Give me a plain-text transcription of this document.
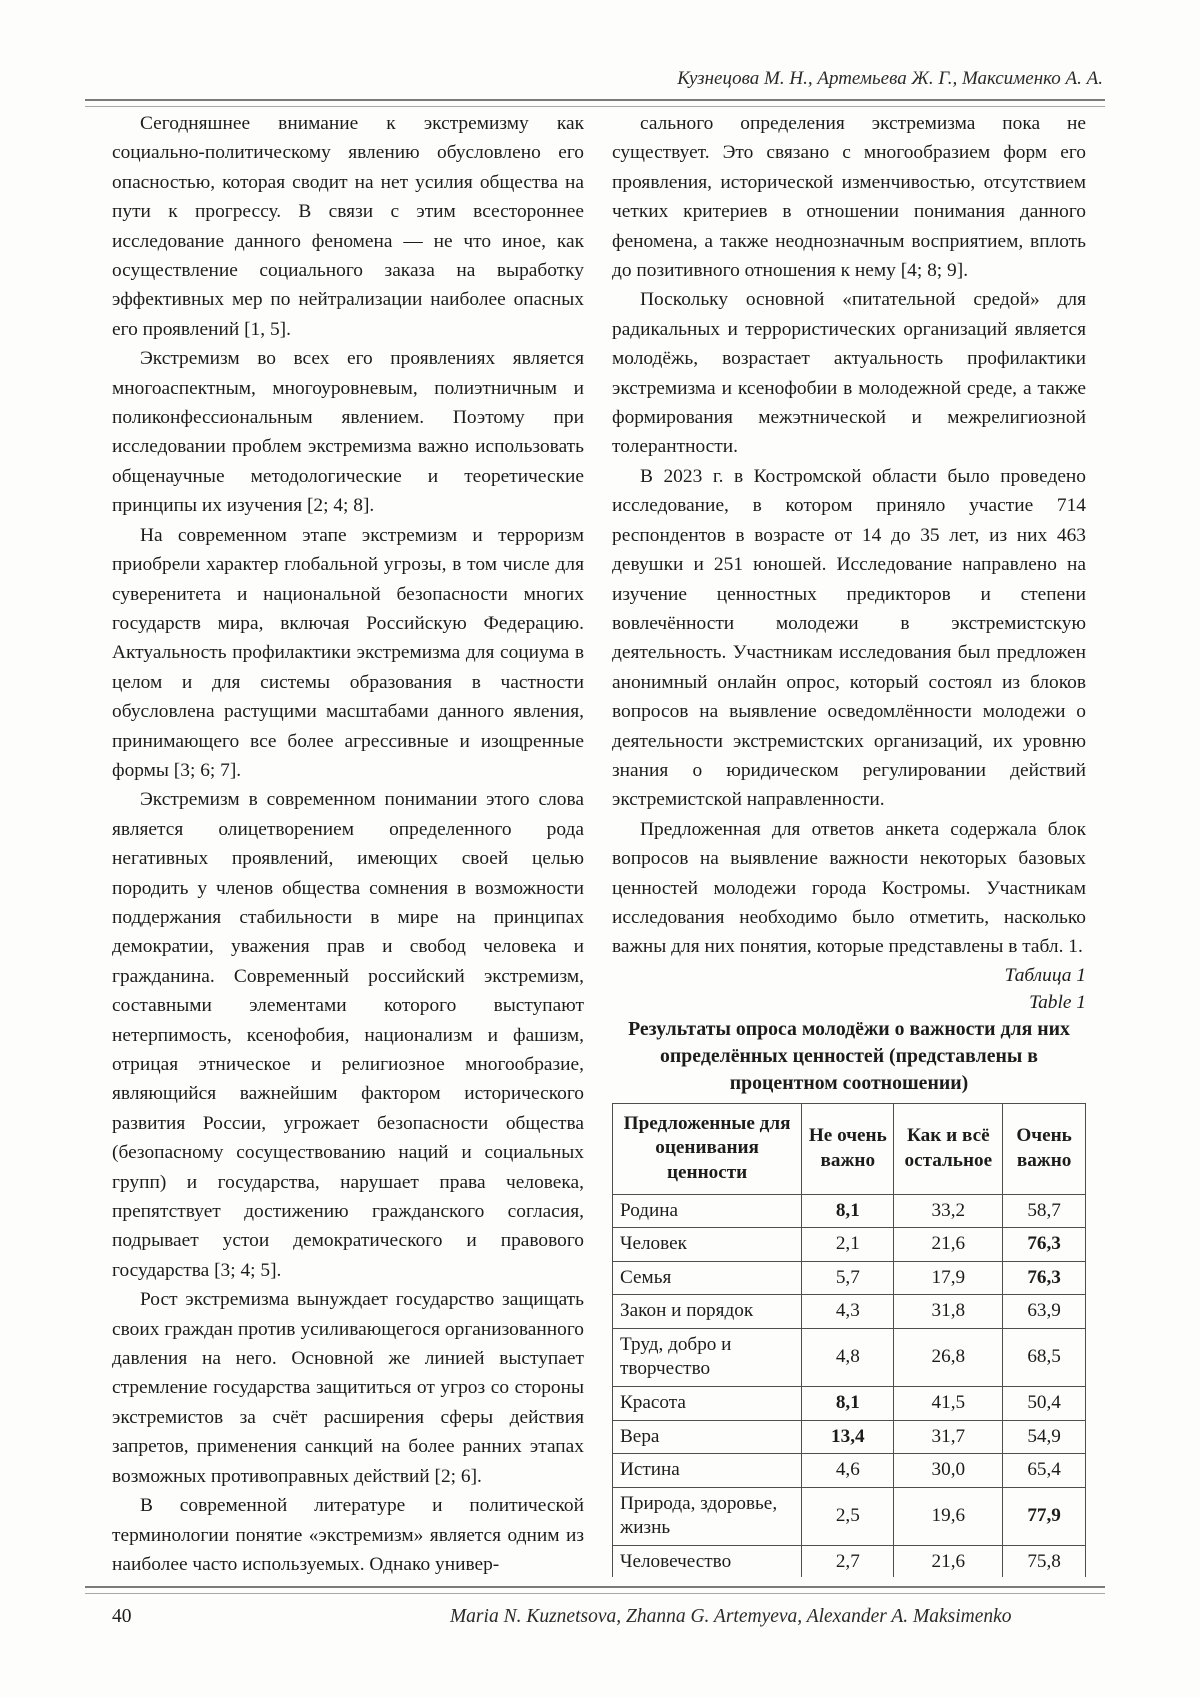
Кузнецова М. Н., Артемьева Ж. Г., Максименко А. А.

Сегодняшнее внимание к экстремизму как социально-политическому явлению обусловлено его опасностью, которая сводит на нет усилия общества на пути к прогрессу. В связи с этим всестороннее исследование данного феномена — не что иное, как осуществление социального заказа на выработку эффективных мер по нейтрализации наиболее опасных его проявлений [1, 5].

Экстремизм во всех его проявлениях является многоаспектным, многоуровневым, полиэтничным и поликонфессиональным явлением. Поэтому при исследовании проблем экстремизма важно использовать общенаучные методологические и теоретические принципы их изучения [2; 4; 8].

На современном этапе экстремизм и терроризм приобрели характер глобальной угрозы, в том числе для суверенитета и национальной безопасности многих государств мира, включая Российскую Федерацию. Актуальность профилактики экстремизма для социума в целом и для системы образования в частности обусловлена растущими масштабами данного явления, принимающего все более агрессивные и изощренные формы [3; 6; 7].

Экстремизм в современном понимании этого слова является олицетворением определенного рода негативных проявлений, имеющих своей целью породить у членов общества сомнения в возможности поддержания стабильности в мире на принципах демократии, уважения прав и свобод человека и гражданина. Современный российский экстремизм, составными элементами которого выступают нетерпимость, ксенофобия, национализм и фашизм, отрицая этническое и религиозное многообразие, являющийся важнейшим фактором исторического развития России, угрожает безопасности общества (безопасному сосуществованию наций и социальных групп) и государства, нарушает права человека, препятствует достижению гражданского согласия, подрывает устои демократического и правового государства [3; 4; 5].

Рост экстремизма вынуждает государство защищать своих граждан против усиливающегося организованного давления на него. Основной же линией выступает стремление государства защититься от угроз со стороны экстремистов за счёт расширения сферы действия запретов, применения санкций на более ранних этапах возможных противоправных действий [2; 6].

В современной литературе и политической терминологии понятие «экстремизм» является одним из наиболее часто используемых. Однако универ-

сального определения экстремизма пока не существует. Это связано с многообразием форм его проявления, исторической изменчивостью, отсутствием четких критериев в отношении понимания данного феномена, а также неоднозначным восприятием, вплоть до позитивного отношения к нему [4; 8; 9].

Поскольку основной «питательной средой» для радикальных и террористических организаций является молодёжь, возрастает актуальность профилактики экстремизма и ксенофобии в молодежной среде, а также формирования межэтнической и межрелигиозной толерантности.

В 2023 г. в Костромской области было проведено исследование, в котором приняло участие 714 респондентов в возрасте от 14 до 35 лет, из них 463 девушки и 251 юношей. Исследование направлено на изучение ценностных предикторов и степени вовлечённости молодежи в экстремистскую деятельность. Участникам исследования был предложен анонимный онлайн опрос, который состоял из блоков вопросов на выявление осведомлённости молодежи о деятельности экстремистских организаций, их уровню знания о юридическом регулировании действий экстремистской направленности.

Предложенная для ответов анкета содержала блок вопросов на выявление важности некоторых базовых ценностей молодежи города Костромы. Участникам исследования необходимо было отметить, насколько важны для них понятия, которые представлены в табл. 1.

Таблица 1
Table 1

Результаты опроса молодёжи о важности для них определённых ценностей (представлены в процентном соотношении)

Предложенные для оценивания ценности	Не очень важно	Как и всё остальное	Очень важно
Родина	8,1	33,2	58,7
Человек	2,1	21,6	76,3
Семья	5,7	17,9	76,3
Закон и порядок	4,3	31,8	63,9
Труд, добро и творчество	4,8	26,8	68,5
Красота	8,1	41,5	50,4
Вера	13,4	31,7	54,9
Истина	4,6	30,0	65,4
Природа, здоровье, жизнь	2,5	19,6	77,9
Человечество	2,7	21,6	75,8
40	Maria N. Kuznetsova, Zhanna G. Artemyeva, Alexander A. Maksimenko
